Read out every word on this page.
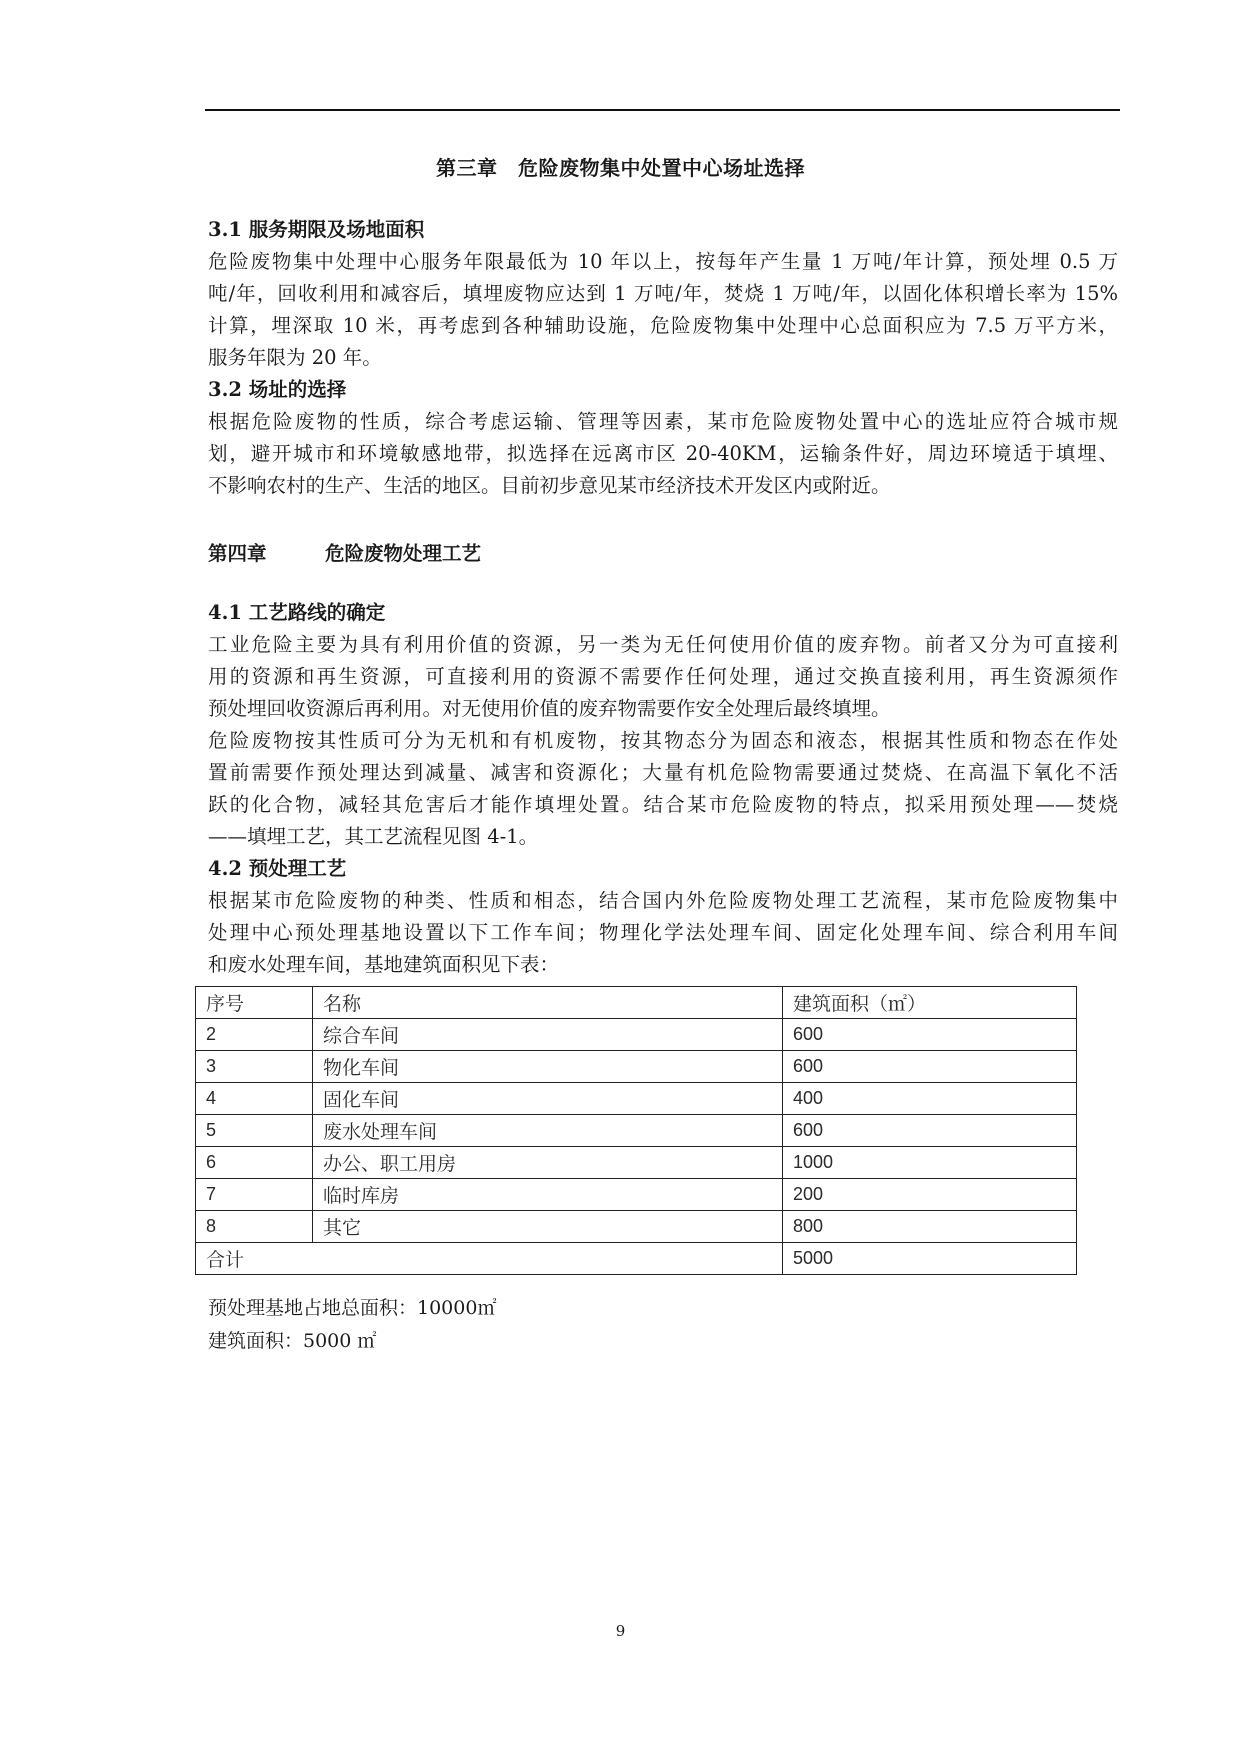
第三章　危险废物集中处置中心场址选择
3.1 服务期限及场地面积
危险废物集中处理中心服务年限最低为 10 年以上，按每年产生量 1 万吨/年计算，预处埋 0.5 万
吨/年，回收利用和减容后，填埋废物应达到 1 万吨/年，焚烧 1 万吨/年，以固化体积增长率为 15%
计算，埋深取 10 米，再考虑到各种辅助设施，危险废物集中处理中心总面积应为 7.5 万平方米，
服务年限为 20 年。
3.2 场址的选择
根据危险废物的性质，综合考虑运输、管理等因素，某市危险废物处置中心的选址应符合城市规
划，避开城市和环境敏感地带，拟选择在远离市区 20-40KM，运输条件好，周边环境适于填埋、
不影响农村的生产、生活的地区。目前初步意见某市经济技术开发区内或附近。
第四章　　　危险废物处理工艺
4.1 工艺路线的确定
工业危险主要为具有利用价值的资源，另一类为无任何使用价值的废弃物。前者又分为可直接利
用的资源和再生资源，可直接利用的资源不需要作任何处理，通过交换直接利用，再生资源须作
预处埋回收资源后再利用。对无使用价值的废弃物需要作安全处理后最终填埋。
危险废物按其性质可分为无机和有机废物，按其物态分为固态和液态，根据其性质和物态在作处
置前需要作预处理达到减量、减害和资源化；大量有机危险物需要通过焚烧、在高温下氧化不活
跃的化合物，减轻其危害后才能作填埋处置。结合某市危险废物的特点，拟采用预处理——焚烧
——填埋工艺，其工艺流程见图 4-1。
4.2 预处理工艺
根据某市危险废物的种类、性质和相态，结合国内外危险废物处理工艺流程，某市危险废物集中
处理中心预处理基地设置以下工作车间；物理化学法处理车间、固定化处理车间、综合利用车间
和废水处理车间，基地建筑面积见下表：
序号	名称	建筑面积（㎡）
2	综合车间	600
3	物化车间	600
4	固化车间	400
5	废水处理车间	600
6	办公、职工用房	1000
7	临时库房	200
8	其它	800
合计		5000
预处理基地占地总面积：10000㎡
建筑面积：5000 ㎡
9
